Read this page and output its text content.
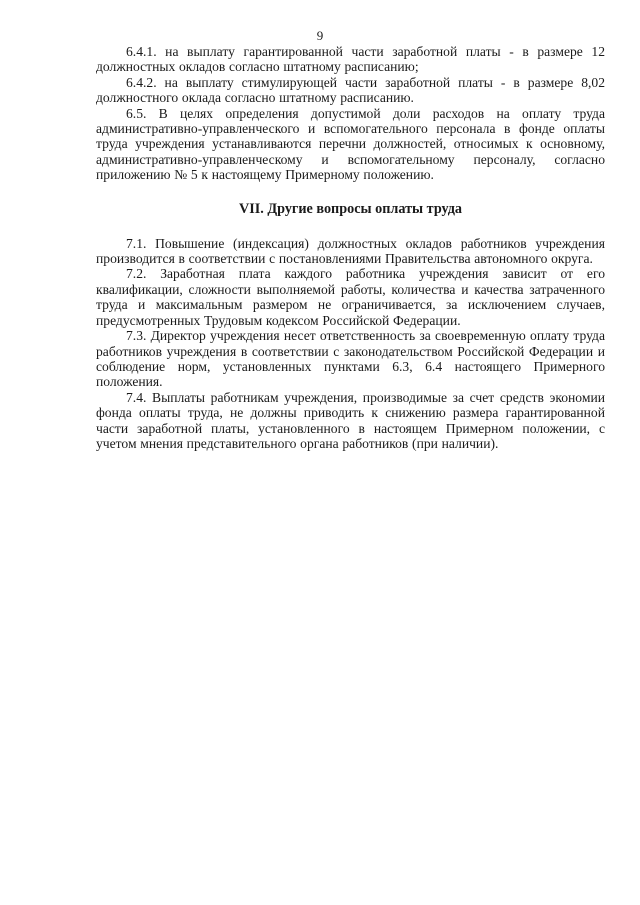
9

6.4.1. на выплату гарантированной части заработной платы - в размере 12 должностных окладов согласно штатному расписанию;

6.4.2. на выплату стимулирующей части заработной платы - в размере 8,02 должностного оклада согласно штатному расписанию.

6.5. В целях определения допустимой доли расходов на оплату труда административно-управленческого и вспомогательного персонала в фонде оплаты труда учреждения устанавливаются перечни должностей, относимых к основному, административно-управленческому и вспомогательному персоналу, согласно приложению № 5 к настоящему Примерному положению.

VII. Другие вопросы оплаты труда

7.1. Повышение (индексация) должностных окладов работников учреждения производится в соответствии с постановлениями Правительства автономного округа.

7.2. Заработная плата каждого работника учреждения зависит от его квалификации, сложности выполняемой работы, количества и качества затраченного труда и максимальным размером не ограничивается, за исключением случаев, предусмотренных Трудовым кодексом Российской Федерации.

7.3. Директор учреждения несет ответственность за своевременную оплату труда работников учреждения в соответствии с законодательством Российской Федерации и соблюдение норм, установленных пунктами 6.3, 6.4 настоящего Примерного положения.

7.4. Выплаты работникам учреждения, производимые за счет средств экономии фонда оплаты труда, не должны приводить к снижению размера гарантированной части заработной платы, установленного в настоящем Примерном положении, с учетом мнения представительного органа работников (при наличии).
